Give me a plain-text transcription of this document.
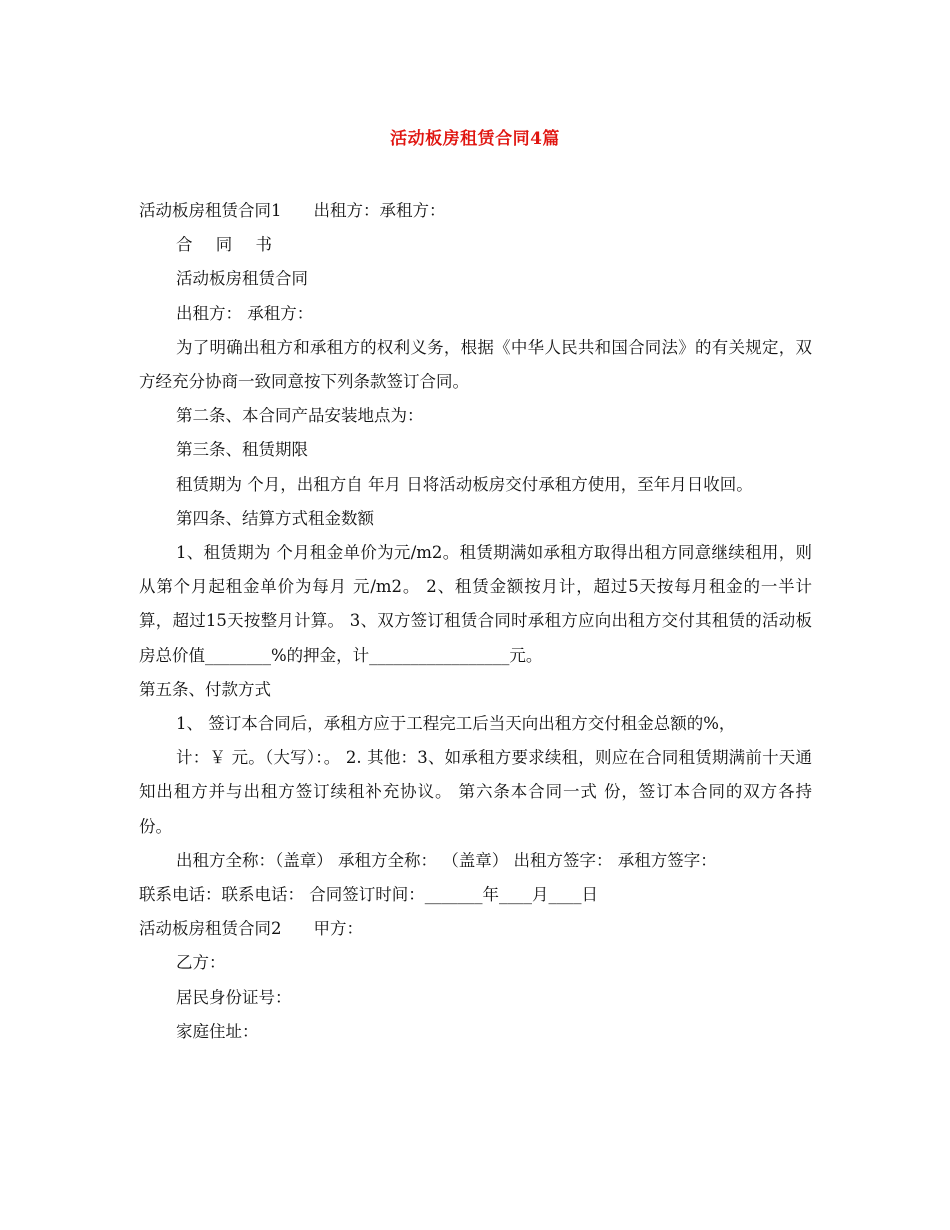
活动板房租赁合同4篇

活动板房租赁合同1 出租方：承租方：

合 同 书

活动板房租赁合同

出租方： 承租方：

为了明确出租方和承租方的权利义务，根据《中华人民共和国合同法》的有关规定，双方经充分协商一致同意按下列条款签订合同。

第二条、本合同产品安装地点为：

第三条、租赁期限

租赁期为 个月，出租方自 年月 日将活动板房交付承租方使用，至年月日收回。

第四条、结算方式租金数额

1、租赁期为 个月租金单价为元/m2。租赁期满如承租方取得出租方同意继续租用，则从第个月起租金单价为每月 元/m2。 2、租赁金额按月计，超过5天按每月租金的一半计算，超过15天按整月计算。 3、双方签订租赁合同时承租方应向出租方交付其租赁的活动板房总价值________%的押金，计_________________元。

第五条、付款方式

1、 签订本合同后，承租方应于工程完工后当天向出租方交付租金总额的%，

计：￥ 元。（大写）：。 2. 其他：3、如承租方要求续租，则应在合同租赁期满前十天通知出租方并与出租方签订续租补充协议。 第六条本合同一式 份，签订本合同的双方各持 份。

出租方全称：（盖章） 承租方全称： （盖章） 出租方签字： 承租方签字：

联系电话：联系电话： 合同签订时间：_______年____月____日

活动板房租赁合同2 甲方：

乙方：

居民身份证号：

家庭住址：
